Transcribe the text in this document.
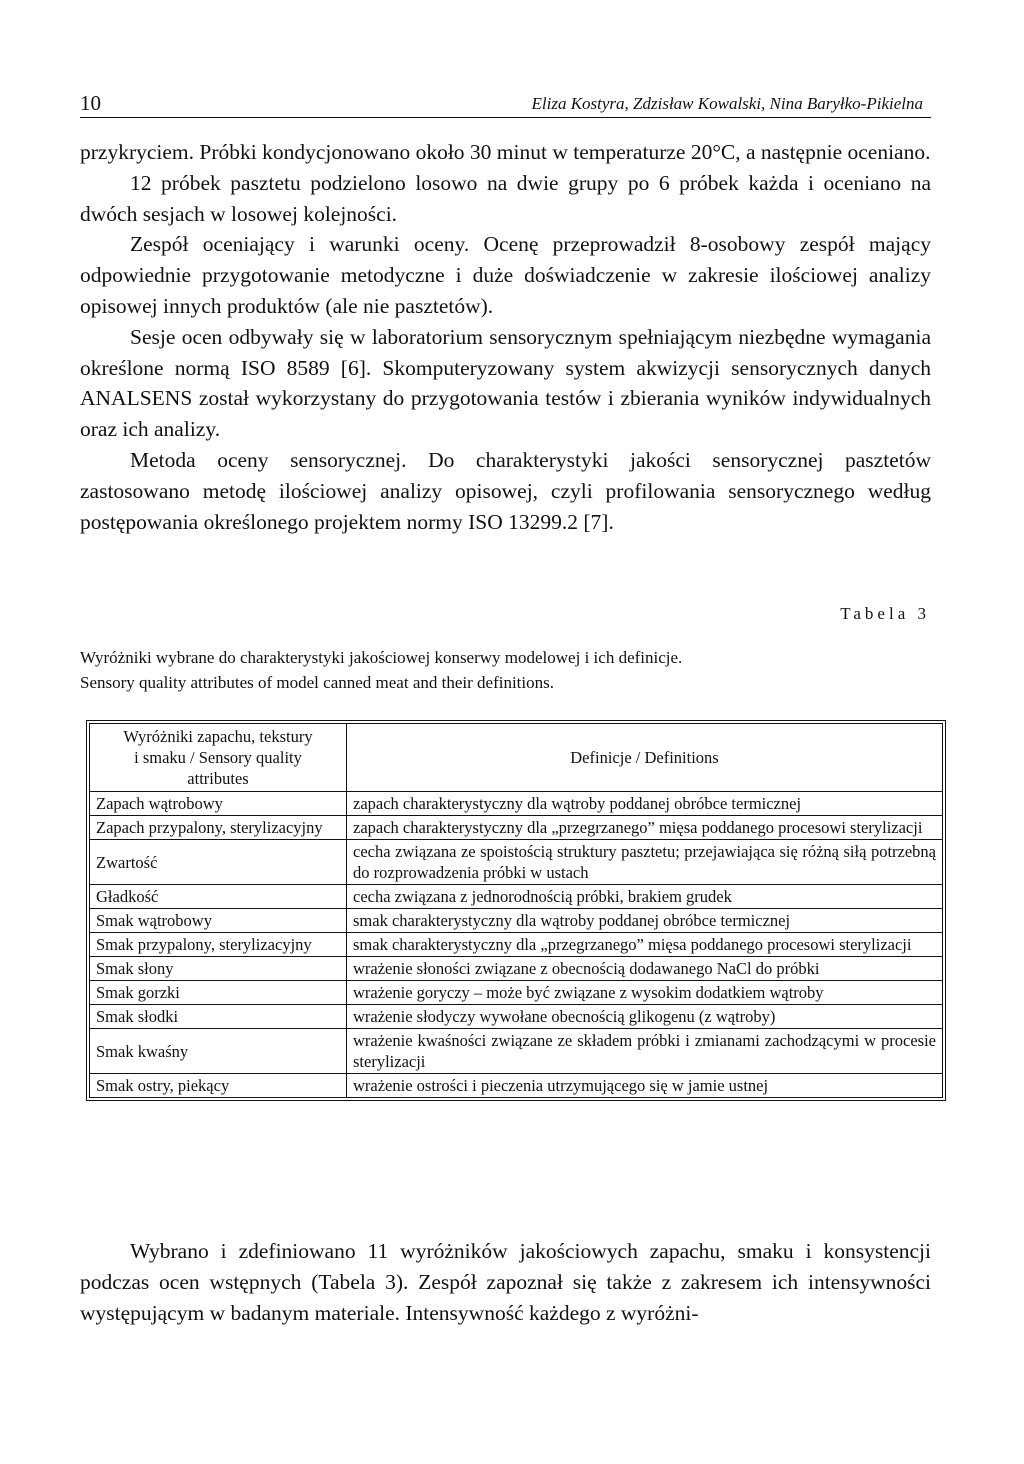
10	Eliza Kostyra, Zdzisław Kowalski, Nina Baryłko-Pikielna

przykryciem. Próbki kondycjonowano około 30 minut w temperaturze 20°C, a następnie oceniano.

12 próbek pasztetu podzielono losowo na dwie grupy po 6 próbek każda i oceniano na dwóch sesjach w losowej kolejności.

Zespół oceniający i warunki oceny. Ocenę przeprowadził 8-osobowy zespół mający odpowiednie przygotowanie metodyczne i duże doświadczenie w zakresie ilościowej analizy opisowej innych produktów (ale nie pasztetów).

Sesje ocen odbywały się w laboratorium sensorycznym spełniającym niezbędne wymagania określone normą ISO 8589 [6]. Skomputeryzowany system akwizycji sensorycznych danych ANALSENS został wykorzystany do przygotowania testów i zbierania wyników indywidualnych oraz ich analizy.

Metoda oceny sensorycznej. Do charakterystyki jakości sensorycznej pasztetów zastosowano metodę ilościowej analizy opisowej, czyli profilowania sensorycznego według postępowania określonego projektem normy ISO 13299.2 [7].

Tabela 3
Wyróżniki wybrane do charakterystyki jakościowej konserwy modelowej i ich definicje.
Sensory quality attributes of model canned meat and their definitions.
Wyróżniki zapachu, tekstury
i smaku / Sensory quality
attributes	Definicje / Definitions
Zapach wątrobowy	zapach charakterystyczny dla wątroby poddanej obróbce termicznej
Zapach przypalony, sterylizacyjny	zapach charakterystyczny dla „przegrzanego” mięsa poddanego procesowi sterylizacji
Zwartość	cecha związana ze spoistością struktury pasztetu; przejawiająca się różną siłą potrzebną do rozprowadzenia próbki w ustach
Gładkość	cecha związana z jednorodnością próbki, brakiem grudek
Smak wątrobowy	smak charakterystyczny dla wątroby poddanej obróbce termicznej
Smak przypalony, sterylizacyjny	smak charakterystyczny dla „przegrzanego” mięsa poddanego procesowi sterylizacji
Smak słony	wrażenie słoności związane z obecnością dodawanego NaCl do próbki
Smak gorzki	wrażenie goryczy – może być związane z wysokim dodatkiem wątroby
Smak słodki	wrażenie słodyczy wywołane obecnością glikogenu (z wątroby)
Smak kwaśny	wrażenie kwaśności związane ze składem próbki i zmianami zachodzącymi w procesie sterylizacji
Smak ostry, piekący	wrażenie ostrości i pieczenia utrzymującego się w jamie ustnej

Wybrano i zdefiniowano 11 wyróżników jakościowych zapachu, smaku i konsystencji podczas ocen wstępnych (Tabela 3). Zespół zapoznał się także z zakresem ich intensywności występującym w badanym materiale. Intensywność każdego z wyróżni-
